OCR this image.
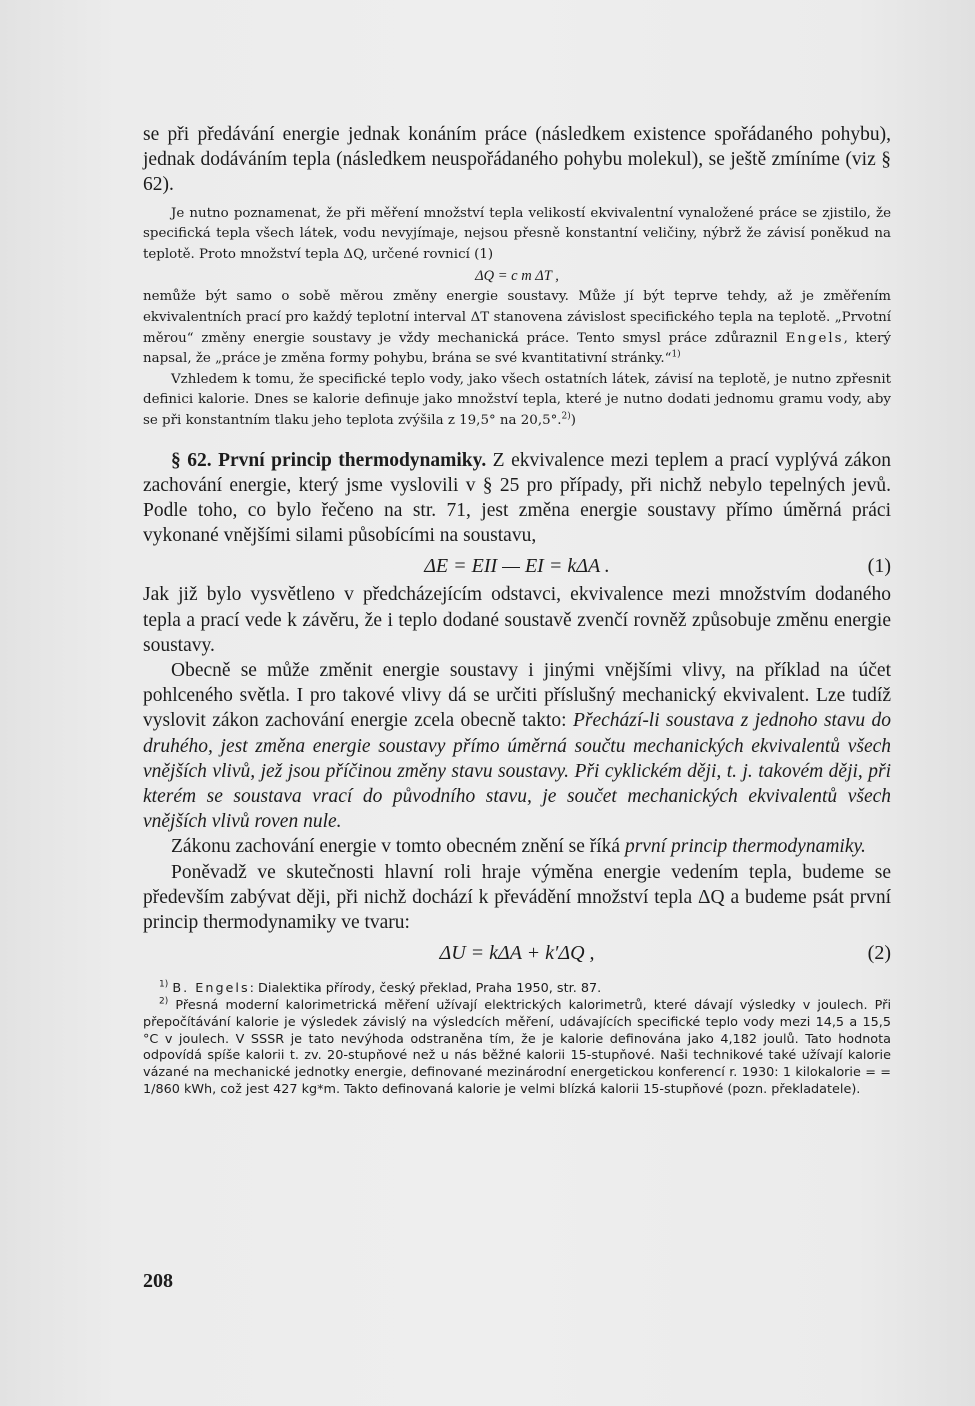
se při předávání energie jednak konáním práce (následkem existence spořádaného pohybu), jednak dodáváním tepla (následkem neuspořádaného pohybu molekul), se ještě zmíníme (viz § 62).

Je nutno poznamenat, že při měření množství tepla velikostí ekvivalentní vynaložené práce se zjistilo, že specifická tepla všech látek, vodu nevyjímaje, nejsou přesně konstantní veličiny, nýbrž že závisí poněkud na teplotě. Proto množství tepla ΔQ, určené rovnicí (1)

ΔQ = c m ΔT ,

nemůže být samo o sobě měrou změny energie soustavy. Může jí být teprve tehdy, až je změřením ekvivalentních prací pro každý teplotní interval ΔT stanovena závislost specifického tepla na teplotě. „Prvotní měrou“ změny energie soustavy je vždy mechanická práce. Tento smysl práce zdůraznil Engels, který napsal, že „práce je změna formy pohybu, brána se své kvantitativní stránky.“$^{1)}$

Vzhledem k tomu, že specifické teplo vody, jako všech ostatních látek, závisí na teplotě, je nutno zpřesnit definici kalorie. Dnes se kalorie definuje jako množství tepla, které je nutno dodati jednomu gramu vody, aby se při konstantním tlaku jeho teplota zvýšila z 19,5° na 20,5°.$^{2)}$)

§ 62. První princip thermodynamiky. Z ekvivalence mezi teplem a prací vyplývá zákon zachování energie, který jsme vyslovili v § 25 pro případy, při nichž nebylo tepelných jevů. Podle toho, co bylo řečeno na str. 71, jest změna energie soustavy přímo úměrná práci vykonané vnějšími silami působícími na soustavu,

ΔE = EII — EI = kΔA .	(1)

Jak již bylo vysvětleno v předcházejícím odstavci, ekvivalence mezi množstvím dodaného tepla a prací vede k závěru, že i teplo dodané soustavě zvenčí rovněž způsobuje změnu energie soustavy.

Obecně se může změnit energie soustavy i jinými vnějšími vlivy, na příklad na účet pohlceného světla. I pro takové vlivy dá se určiti příslušný mechanický ekvivalent. Lze tudíž vyslovit zákon zachování energie zcela obecně takto: Přechází-li soustava z jednoho stavu do druhého, jest změna energie soustavy přímo úměrná součtu mechanických ekvivalentů všech vnějších vlivů, jež jsou příčinou změny stavu soustavy. Při cyklickém ději, t. j. takovém ději, při kterém se soustava vrací do původního stavu, je součet mechanických ekvivalentů všech vnějších vlivů roven nule.

Zákonu zachování energie v tomto obecném znění se říká první princip thermodynamiky.

Poněvadž ve skutečnosti hlavní roli hraje výměna energie vedením tepla, budeme se především zabývat ději, při nichž dochází k převádění množství tepla ΔQ a budeme psát první princip thermodynamiky ve tvaru:

ΔU = kΔA + k′ΔQ ,	(2)

$^{1)}$ B. Engels: Dialektika přírody, český překlad, Praha 1950, str. 87.

$^{2)}$ Přesná moderní kalorimetrická měření užívají elektrických kalorimetrů, které dávají výsledky v joulech. Při přepočítávání kalorie je výsledek závislý na výsledcích měření, udávajících specifické teplo vody mezi 14,5 a 15,5 °C v joulech. V SSSR je tato nevýhoda odstraněna tím, že je kalorie definována jako 4,182 joulů. Tato hodnota odpovídá spíše kalorii t. zv. 20-stupňové než u nás běžné kalorii 15-stupňové. Naši technikové také užívají kalorie vázané na mechanické jednotky energie, definované mezinárodní energetickou konferencí r. 1930: 1 kilokalorie = = 1/860 kWh, což jest 427 kg*m. Takto definovaná kalorie je velmi blízká kalorii 15-stupňové (pozn. překladatele).

208
